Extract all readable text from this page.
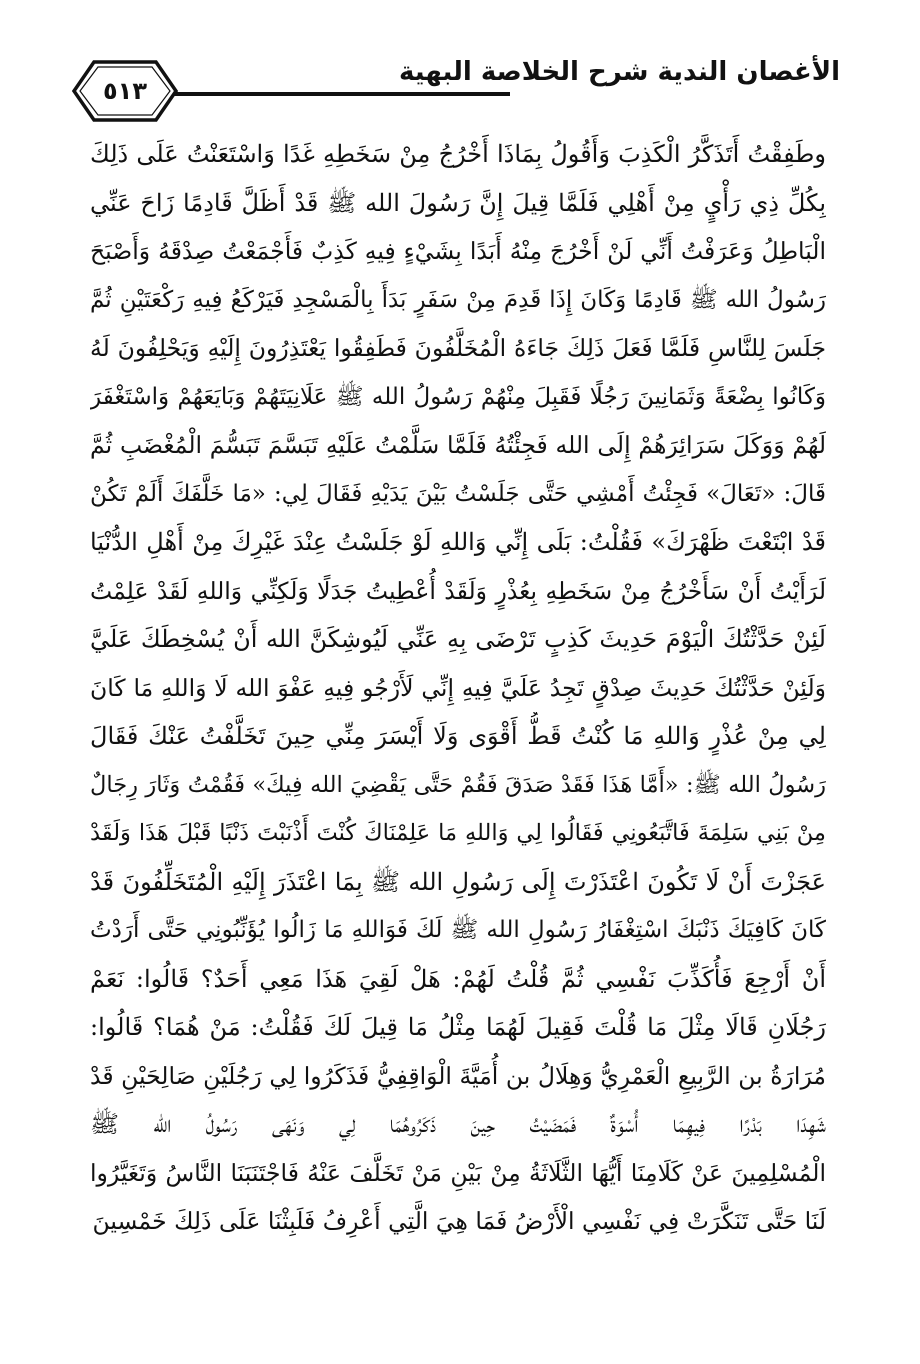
الأغصان الندية شرح الخلاصة البهية
٥١٣
وطَفِقْتُ أَتَذَكَّرُ الْكَذِبَ وَأَقُولُ بِمَاذَا أَخْرُجُ مِنْ سَخَطِهِ غَدًا وَاسْتَعَنْتُ عَلَى ذَلِكَ
بِكُلِّ ذِي رَأْيٍ مِنْ أَهْلِي فَلَمَّا قِيلَ إِنَّ رَسُولَ الله ﷺ قَدْ أَظَلَّ قَادِمًا زَاحَ عَنِّي
الْبَاطِلُ وَعَرَفْتُ أَنِّي لَنْ أَخْرُجَ مِنْهُ أَبَدًا بِشَيْءٍ فِيهِ كَذِبٌ فَأَجْمَعْتُ صِدْقَهُ وَأَصْبَحَ
رَسُولُ الله ﷺ قَادِمًا وَكَانَ إِذَا قَدِمَ مِنْ سَفَرٍ بَدَأَ بِالْمَسْجِدِ فَيَرْكَعُ فِيهِ رَكْعَتَيْنِ ثُمَّ
جَلَسَ لِلنَّاسِ فَلَمَّا فَعَلَ ذَلِكَ جَاءَهُ الْمُخَلَّفُونَ فَطَفِقُوا يَعْتَذِرُونَ إِلَيْهِ وَيَحْلِفُونَ لَهُ
وَكَانُوا بِضْعَةً وَثَمَانِينَ رَجُلًا فَقَبِلَ مِنْهُمْ رَسُولُ الله ﷺ عَلَانِيَتَهُمْ وَبَايَعَهُمْ وَاسْتَغْفَرَ
لَهُمْ وَوَكَلَ سَرَائِرَهُمْ إِلَى الله فَجِئْتُهُ فَلَمَّا سَلَّمْتُ عَلَيْهِ تَبَسَّمَ تَبَسُّمَ الْمُغْضَبِ ثُمَّ
قَالَ: «تَعَالَ» فَجِئْتُ أَمْشِي حَتَّى جَلَسْتُ بَيْنَ يَدَيْهِ فَقَالَ لِي: «مَا خَلَّفَكَ أَلَمْ تَكُنْ
قَدْ ابْتَعْتَ ظَهْرَكَ» فَقُلْتُ: بَلَى إِنِّي وَاللهِ لَوْ جَلَسْتُ عِنْدَ غَيْرِكَ مِنْ أَهْلِ الدُّنْيَا
لَرَأَيْتُ أَنْ سَأَخْرُجُ مِنْ سَخَطِهِ بِعُذْرٍ وَلَقَدْ أُعْطِيتُ جَدَلًا وَلَكِنِّي وَاللهِ لَقَدْ عَلِمْتُ
لَئِنْ حَدَّثْتُكَ الْيَوْمَ حَدِيثَ كَذِبٍ تَرْضَى بِهِ عَنِّي لَيُوشِكَنَّ الله أَنْ يُسْخِطَكَ عَلَيَّ
وَلَئِنْ حَدَّثْتُكَ حَدِيثَ صِدْقٍ تَجِدُ عَلَيَّ فِيهِ إِنِّي لَأَرْجُو فِيهِ عَفْوَ الله لَا وَاللهِ مَا كَانَ
لِي مِنْ عُذْرٍ وَاللهِ مَا كُنْتُ قَطُّ أَقْوَى وَلَا أَيْسَرَ مِنِّي حِينَ تَخَلَّفْتُ عَنْكَ فَقَالَ
رَسُولُ الله ﷺ: «أَمَّا هَذَا فَقَدْ صَدَقَ فَقُمْ حَتَّى يَقْضِيَ الله فِيكَ» فَقُمْتُ وَثَارَ رِجَالٌ
مِنْ بَنِي سَلِمَةَ فَاتَّبَعُونِي فَقَالُوا لِي وَاللهِ مَا عَلِمْنَاكَ كُنْتَ أَذْنَبْتَ ذَنْبًا قَبْلَ هَذَا وَلَقَدْ
عَجَزْتَ أَنْ لَا تَكُونَ اعْتَذَرْتَ إِلَى رَسُولِ الله ﷺ بِمَا اعْتَذَرَ إِلَيْهِ الْمُتَخَلِّفُونَ قَدْ
كَانَ كَافِيَكَ ذَنْبَكَ اسْتِغْفَارُ رَسُولِ الله ﷺ لَكَ فَوَاللهِ مَا زَالُوا يُؤَنِّبُونِي حَتَّى أَرَدْتُ
أَنْ أَرْجِعَ فَأُكَذِّبَ نَفْسِي ثُمَّ قُلْتُ لَهُمْ: هَلْ لَقِيَ هَذَا مَعِي أَحَدٌ؟ قَالُوا: نَعَمْ
رَجُلَانِ قَالَا مِثْلَ مَا قُلْتَ فَقِيلَ لَهُمَا مِثْلُ مَا قِيلَ لَكَ فَقُلْتُ: مَنْ هُمَا؟ قَالُوا:
مُرَارَةُ بن الرَّبِيعِ الْعَمْرِيُّ وَهِلَالُ بن أُمَيَّةَ الْوَاقِفِيُّ فَذَكَرُوا لِي رَجُلَيْنِ صَالِحَيْنِ قَدْ
شَهِدَا بَدْرًا فِيهِمَا أُسْوَةٌ فَمَضَيْتُ حِينَ ذَكَرُوهُمَا لِي وَنَهَى رَسُولُ الله ﷺ
الْمُسْلِمِينَ عَنْ كَلَامِنَا أَيُّهَا الثَّلَاثَةُ مِنْ بَيْنِ مَنْ تَخَلَّفَ عَنْهُ فَاجْتَنَبَنَا النَّاسُ وَتَغَيَّرُوا
لَنَا حَتَّى تَنَكَّرَتْ فِي نَفْسِي الْأَرْضُ فَمَا هِيَ الَّتِي أَعْرِفُ فَلَبِثْنَا عَلَى ذَلِكَ خَمْسِينَ
